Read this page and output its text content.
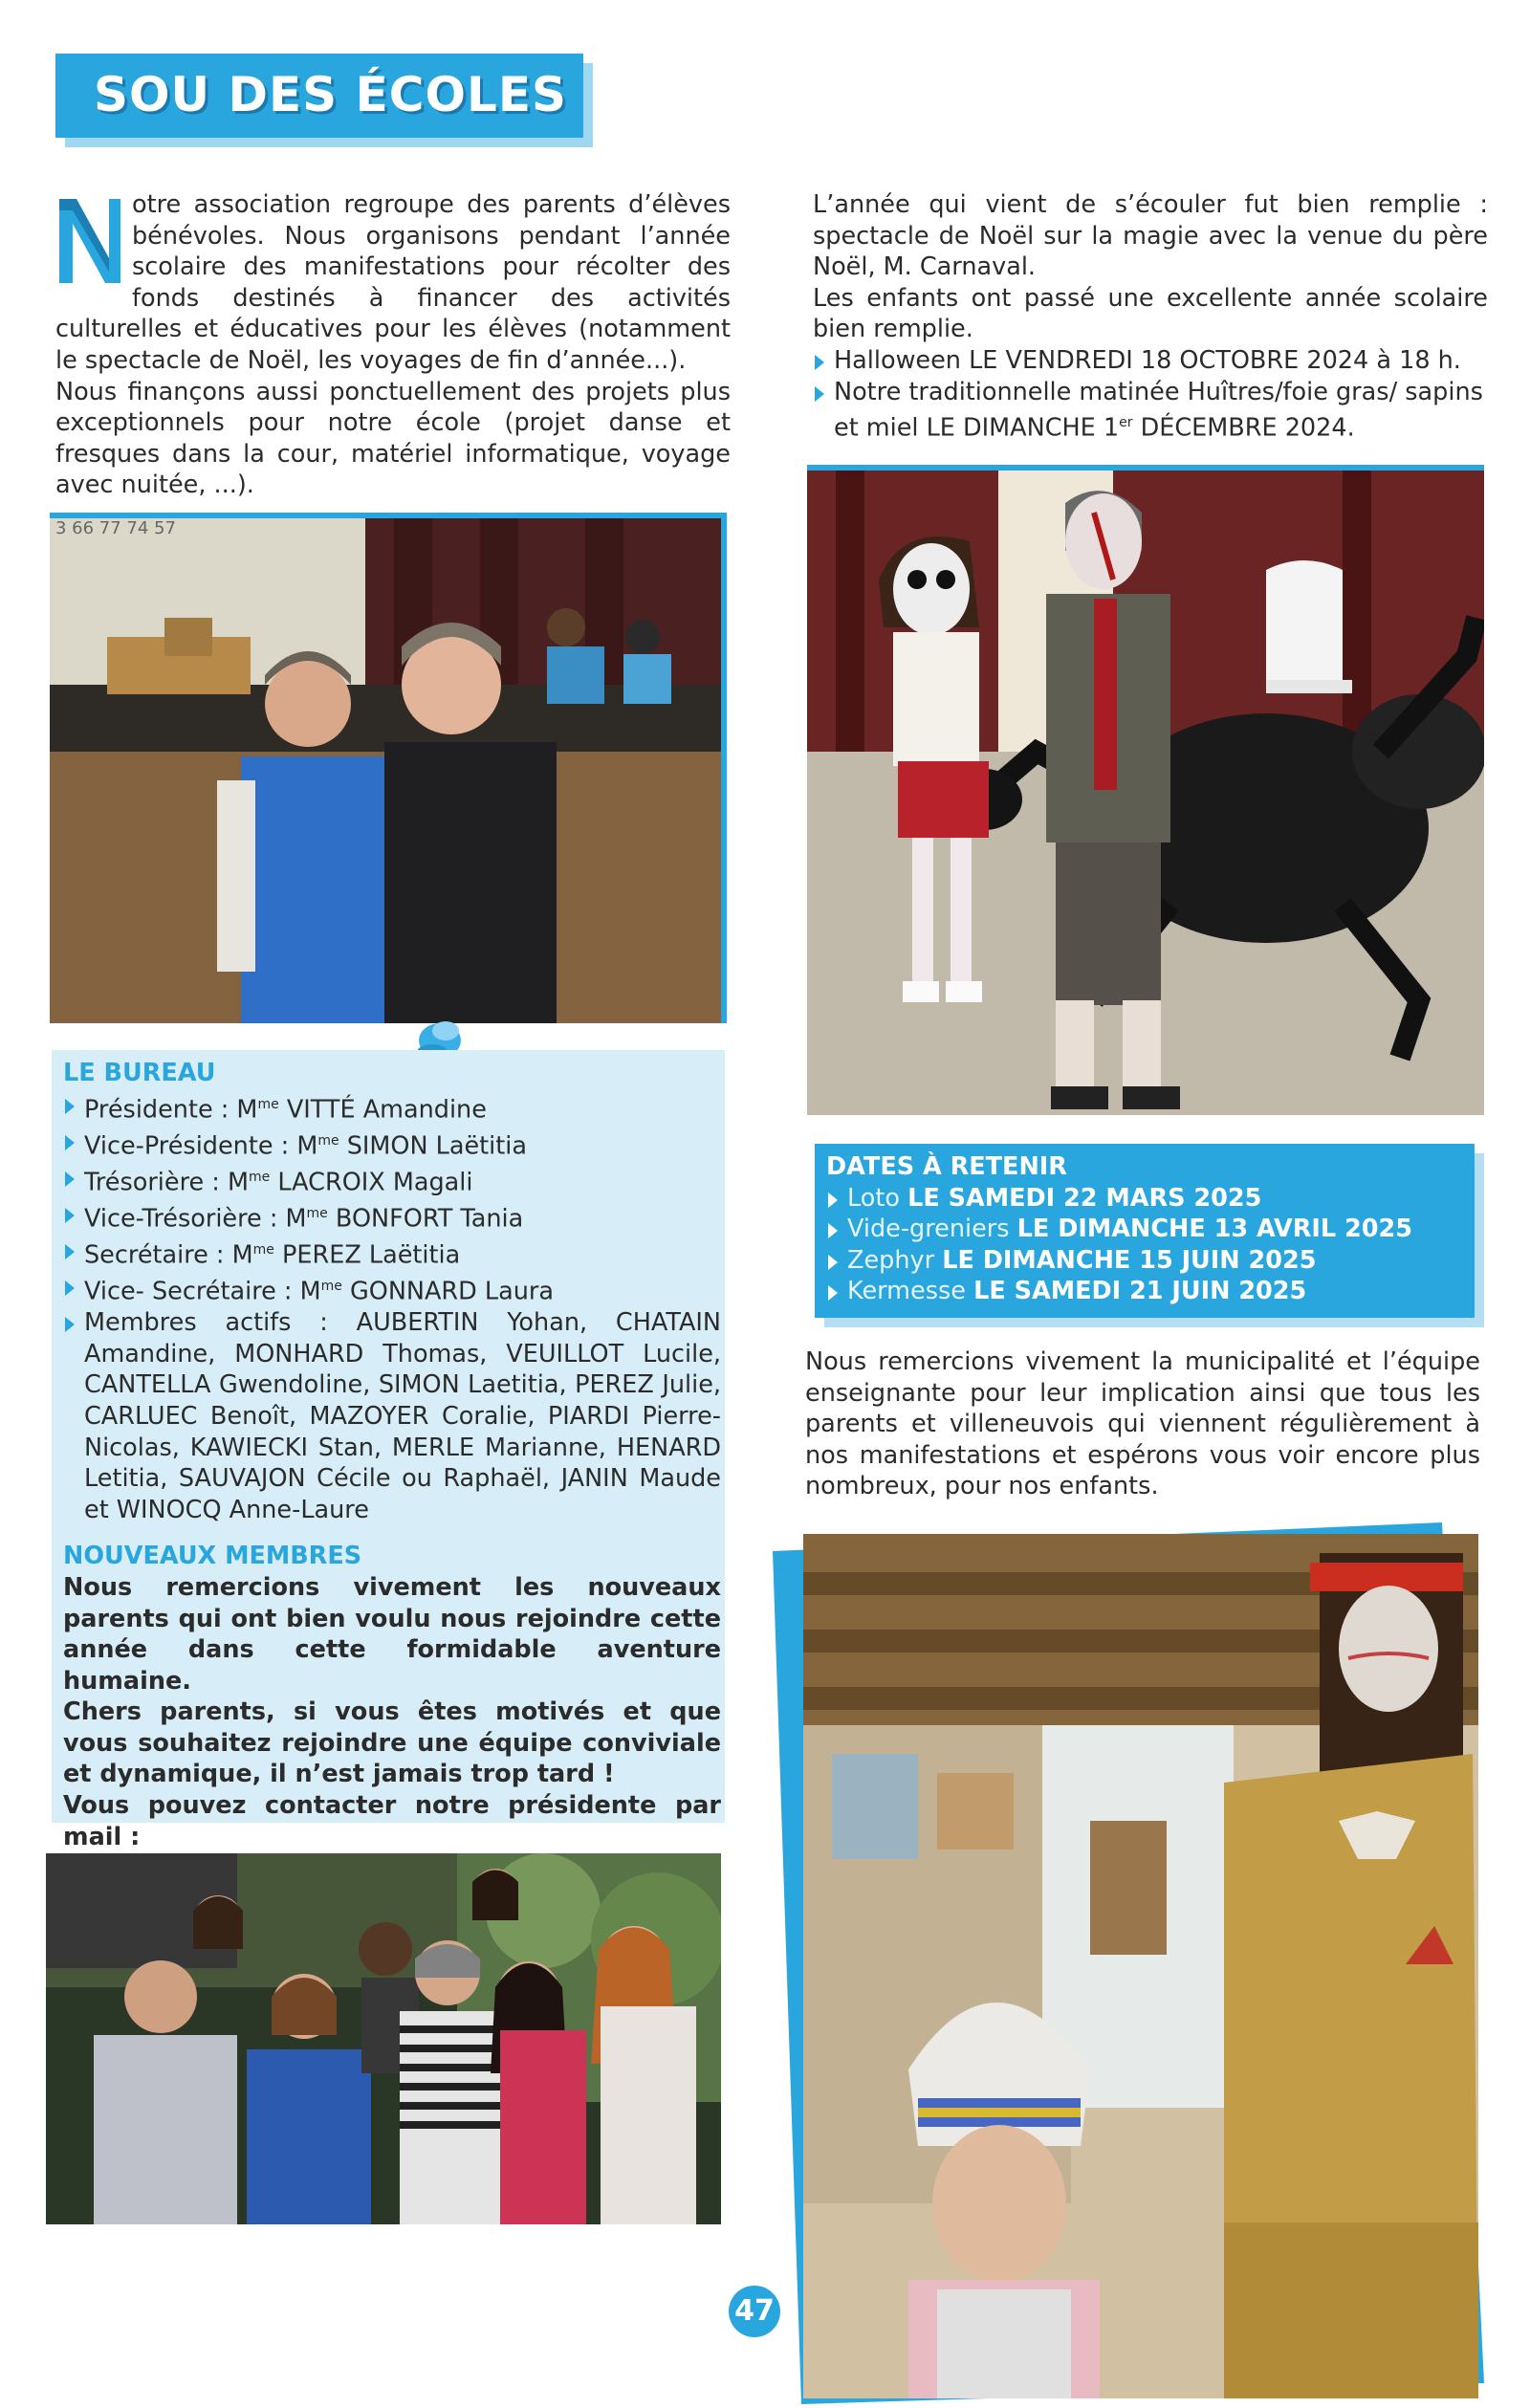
SOU DES ÉCOLES

otre association regroupe des parents d’élèves bénévoles. Nous organisons pendant l’année scolaire des manifestations pour récolter des fonds destinés à financer des activités culturelles et éducatives pour les élèves (notamment le spectacle de Noël, les voyages de fin d’année...).

Nous finançons aussi ponctuellement des projets plus exceptionnels pour notre école (projet danse et fresques dans la cour, matériel informatique, voyage avec nuitée, ...).

L’année qui vient de s’écouler fut bien remplie : spectacle de Noël sur la magie avec la venue du père Noël, M. Carnaval.

Les enfants ont passé une excellente année scolaire bien remplie.

Halloween LE VENDREDI 18 OCTOBRE 2024 à 18 h.
Notre traditionnelle matinée Huîtres/foie gras/ sapins et miel LE DIMANCHE 1er DÉCEMBRE 2024.
3 66 77 74 57
LE BUREAU
Présidente : $M^{me}$ VITTÉ Amandine
Vice-Présidente : $M^{me}$ SIMON Laëtitia
Trésorière : $M^{me}$ LACROIX Magali
Vice-Trésorière : $M^{me}$ BONFORT Tania
Secrétaire : $M^{me}$ PEREZ Laëtitia
Vice- Secrétaire : $M^{me}$ GONNARD Laura
Membres actifs : AUBERTIN Yohan, CHATAIN Amandine, MONHARD Thomas, VEUILLOT Lucile, CANTELLA Gwendoline, SIMON Laetitia, PEREZ Julie, CARLUEC Benoît, MAZOYER Coralie, PIARDI Pierre-Nicolas, KAWIECKI Stan, MERLE Marianne, HENARD Letitia, SAUVAJON Cécile ou Raphaël, JANIN Maude et WINOCQ Anne-Laure
NOUVEAUX MEMBRES
Nous remercions vivement les nouveaux parents qui ont bien voulu nous rejoindre cette année dans cette formidable aventure humaine.
Chers parents, si vous êtes motivés et que vous souhaitez rejoindre une équipe conviviale et dynamique, il n’est jamais trop tard !
Vous pouvez contacter notre présidente par mail :
DATES À RETENIR
Loto LE SAMEDI 22 MARS 2025
Vide-greniers LE DIMANCHE 13 AVRIL 2025
Zephyr LE DIMANCHE 15 JUIN 2025
Kermesse LE SAMEDI 21 JUIN 2025
Nous remercions vivement la municipalité et l’équipe enseignante pour leur implication ainsi que tous les parents et villeneuvois qui viennent régulièrement à nos manifestations et espérons vous voir encore plus nombreux, pour nos enfants.
47
